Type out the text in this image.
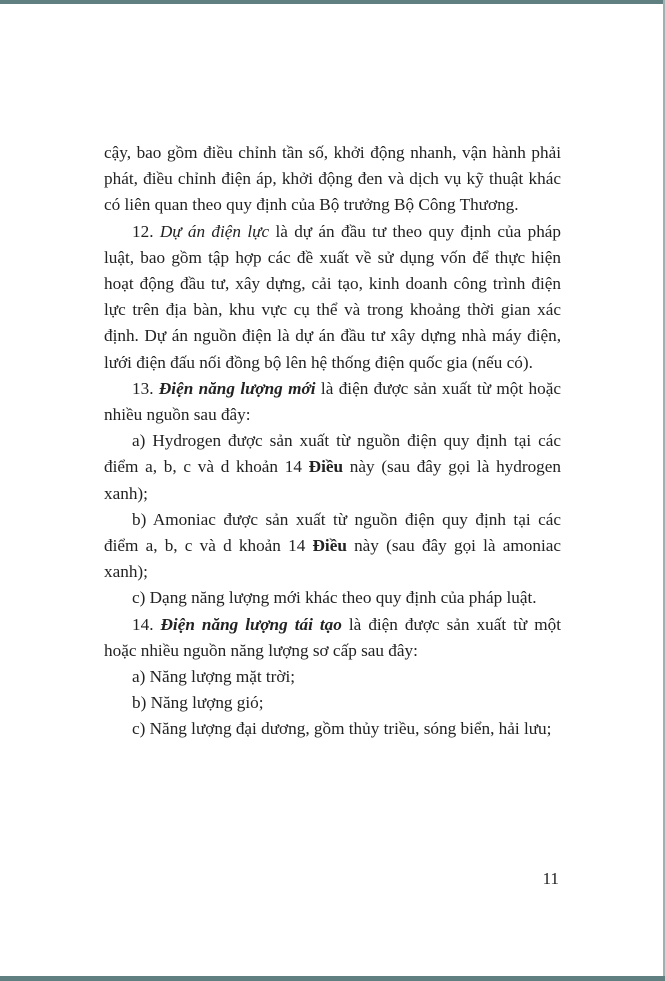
cậy, bao gồm điều chỉnh tần số, khởi động nhanh, vận hành phải phát, điều chỉnh điện áp, khởi động đen và dịch vụ kỹ thuật khác có liên quan theo quy định của Bộ trưởng Bộ Công Thương.

12. Dự án điện lực là dự án đầu tư theo quy định của pháp luật, bao gồm tập hợp các đề xuất về sử dụng vốn để thực hiện hoạt động đầu tư, xây dựng, cải tạo, kinh doanh công trình điện lực trên địa bàn, khu vực cụ thể và trong khoảng thời gian xác định. Dự án nguồn điện là dự án đầu tư xây dựng nhà máy điện, lưới điện đấu nối đồng bộ lên hệ thống điện quốc gia (nếu có).

13. Điện năng lượng mới là điện được sản xuất từ một hoặc nhiều nguồn sau đây:

a) Hydrogen được sản xuất từ nguồn điện quy định tại các điểm a, b, c và d khoản 14 Điều này (sau đây gọi là hydrogen xanh);

b) Amoniac được sản xuất từ nguồn điện quy định tại các điểm a, b, c và d khoản 14 Điều này (sau đây gọi là amoniac xanh);

c) Dạng năng lượng mới khác theo quy định của pháp luật.

14. Điện năng lượng tái tạo là điện được sản xuất từ một hoặc nhiều nguồn năng lượng sơ cấp sau đây:

a) Năng lượng mặt trời;

b) Năng lượng gió;

c) Năng lượng đại dương, gồm thủy triều, sóng biển, hải lưu;

11
